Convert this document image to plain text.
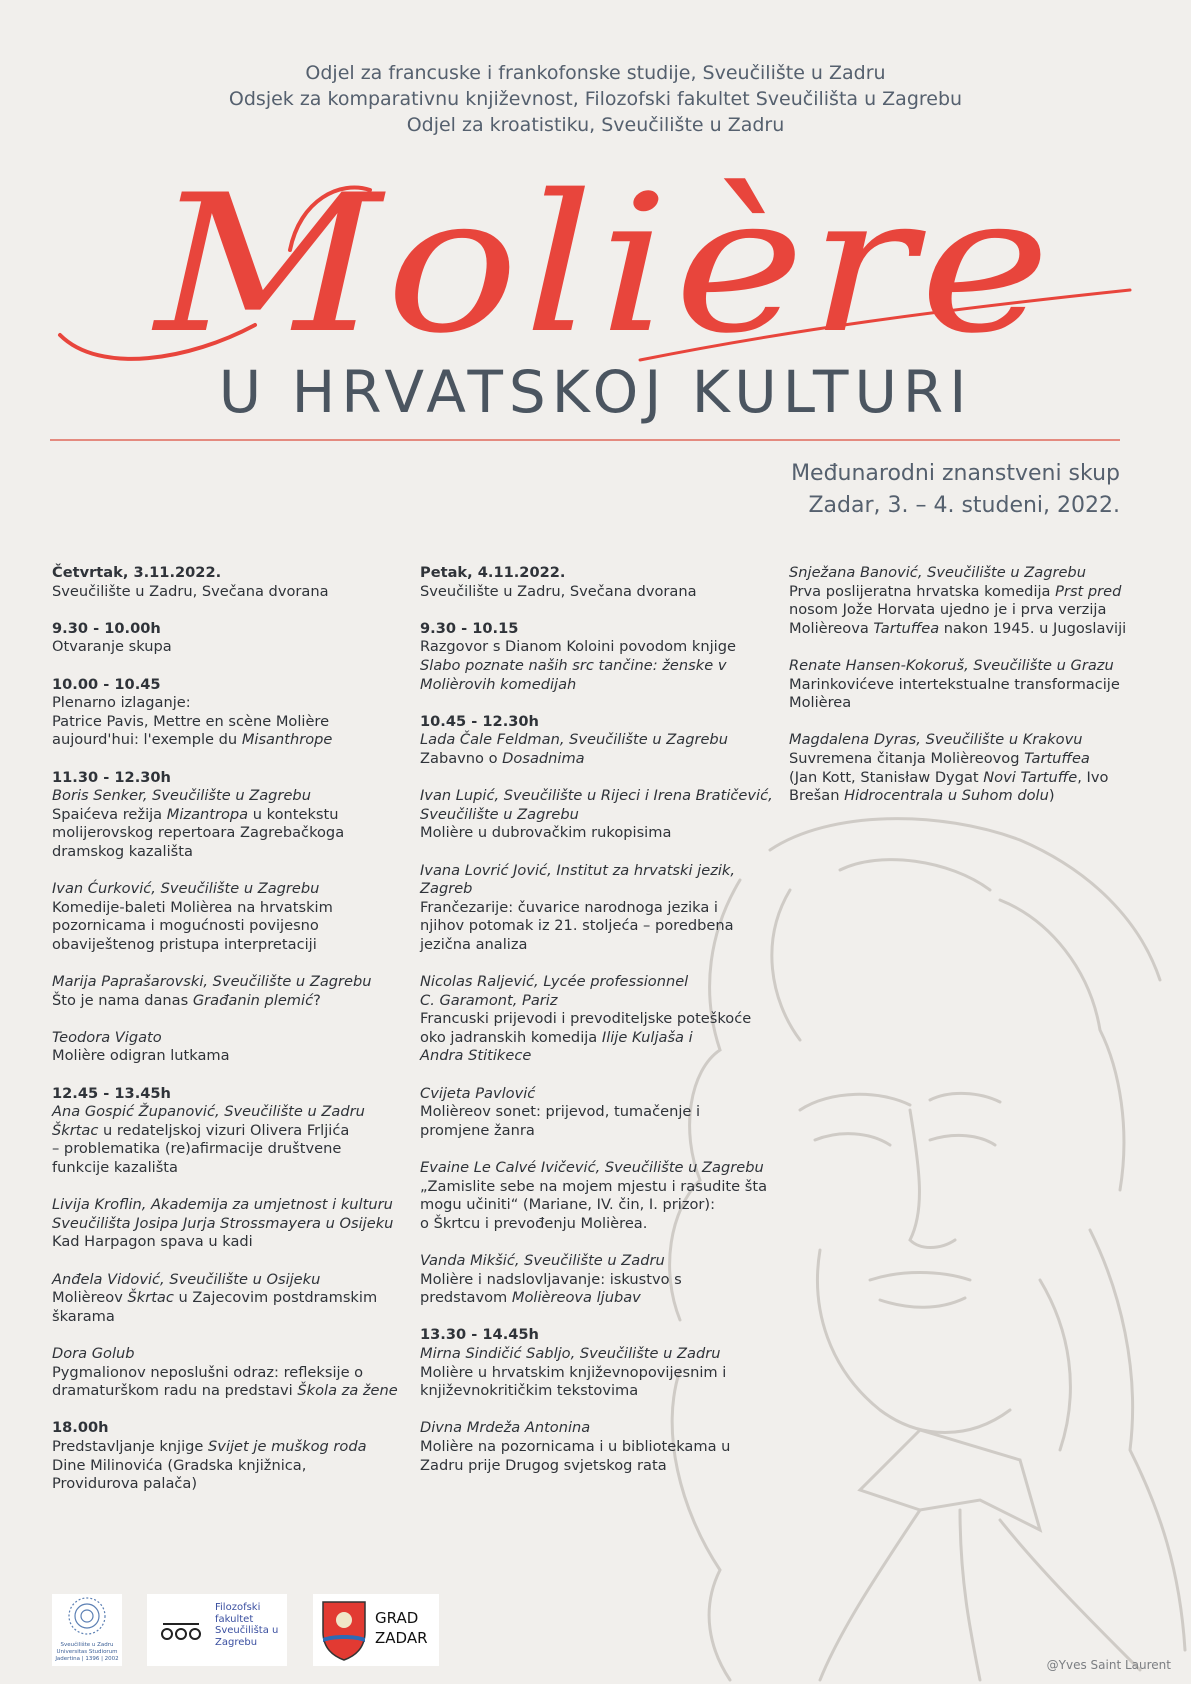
Odjel za francuske i frankofonske studije, Sveučilište u Zadru
Odsjek za komparativnu književnost, Filozofski fakultet Sveučilišta u Zagrebu
Odjel za kroatistiku, Sveučilište u Zadru
Molière
U HRVATSKOJ KULTURI
Međunarodni znanstveni skup
Zadar, 3. – 4. studeni, 2022.
Četvrtak, 3.11.2022.
Sveučilište u Zadru, Svečana dvorana
9.30 - 10.00h
Otvaranje skupa
10.00 - 10.45
Plenarno izlaganje:
Patrice Pavis, Mettre en scène Molière
aujourd'hui: l'exemple du Misanthrope
11.30 - 12.30h
Boris Senker, Sveučilište u Zagrebu
Spaićeva režija Mizantropa u kontekstu
molijerovskog repertoara Zagrebačkoga
dramskog kazališta
Ivan Ćurković, Sveučilište u Zagrebu
Komedije-baleti Molièrea na hrvatskim
pozornicama i mogućnosti povijesno
obaviještenog pristupa interpretaciji
Marija Paprašarovski, Sveučilište u Zagrebu
Što je nama danas Građanin plemić?
Teodora Vigato
Molière odigran lutkama
12.45 - 13.45h
Ana Gospić Županović, Sveučilište u Zadru
Škrtac u redateljskoj vizuri Olivera Frljića
– problematika (re)afirmacije društvene
funkcije kazališta
Livija Kroflin, Akademija za umjetnost i kulturu
Sveučilišta Josipa Jurja Strossmayera u Osijeku
Kad Harpagon spava u kadi
Anđela Vidović, Sveučilište u Osijeku
Molièreov Škrtac u Zajecovim postdramskim
škarama
Dora Golub
Pygmalionov neposlušni odraz: refleksije o
dramaturškom radu na predstavi Škola za žene
18.00h
Predstavljanje knjige Svijet je muškog roda
Dine Milinovića (Gradska knjižnica,
Providurova palača)
Petak, 4.11.2022.
Sveučilište u Zadru, Svečana dvorana
9.30 - 10.15
Razgovor s Dianom Koloini povodom knjige
Slabo poznate naših src tančine: ženske v
Molièrovih komedijah
10.45 - 12.30h
Lada Čale Feldman, Sveučilište u Zagrebu
Zabavno o Dosadnima
Ivan Lupić, Sveučilište u Rijeci i Irena Bratičević,
Sveučilište u Zagrebu
Molière u dubrovačkim rukopisima
Ivana Lovrić Jović, Institut za hrvatski jezik,
Zagreb
Frančezarije: čuvarice narodnoga jezika i
njihov potomak iz 21. stoljeća – poredbena
jezična analiza
Nicolas Raljević, Lycée professionnel
C. Garamont, Pariz
Francuski prijevodi i prevoditeljske poteškoće
oko jadranskih komedija Ilije Kuljaša i
Andra Stitikece
Cvijeta Pavlović
Molièreov sonet: prijevod, tumačenje i
promjene žanra
Evaine Le Calvé Ivičević, Sveučilište u Zagrebu
„Zamislite sebe na mojem mjestu i rasudite šta
mogu učiniti“ (Mariane, IV. čin, I. prizor):
o Škrtcu i prevođenju Molièrea.
Vanda Mikšić, Sveučilište u Zadru
Molière i nadslovljavanje: iskustvo s
predstavom Molièreova ljubav
13.30 - 14.45h
Mirna Sindičić Sabljo, Sveučilište u Zadru
Molière u hrvatskim književnopovijesnim i
književnokritičkim tekstovima
Divna Mrdeža Antonina
Molière na pozornicama i u bibliotekama u
Zadru prije Drugog svjetskog rata
Snježana Banović, Sveučilište u Zagrebu
Prva poslijeratna hrvatska komedija Prst pred
nosom Jože Horvata ujedno je i prva verzija
Molièreova Tartuffea nakon 1945. u Jugoslaviji
Renate Hansen-Kokoruš, Sveučilište u Grazu
Marinkovićeve intertekstualne transformacije
Molièrea
Magdalena Dyras, Sveučilište u Krakovu
Suvremena čitanja Molièreovog Tartuffea
(Jan Kott, Stanisław Dygat Novi Tartuffe, Ivo
Brešan Hidrocentrala u Suhom dolu)
Sveučilište u Zadru
Universitas Studiorum
Jadertina | 1396 | 2002
Filozofski
fakultet
Sveučilišta u
Zagrebu
GRAD
ZADAR
@Yves Saint Laurent
